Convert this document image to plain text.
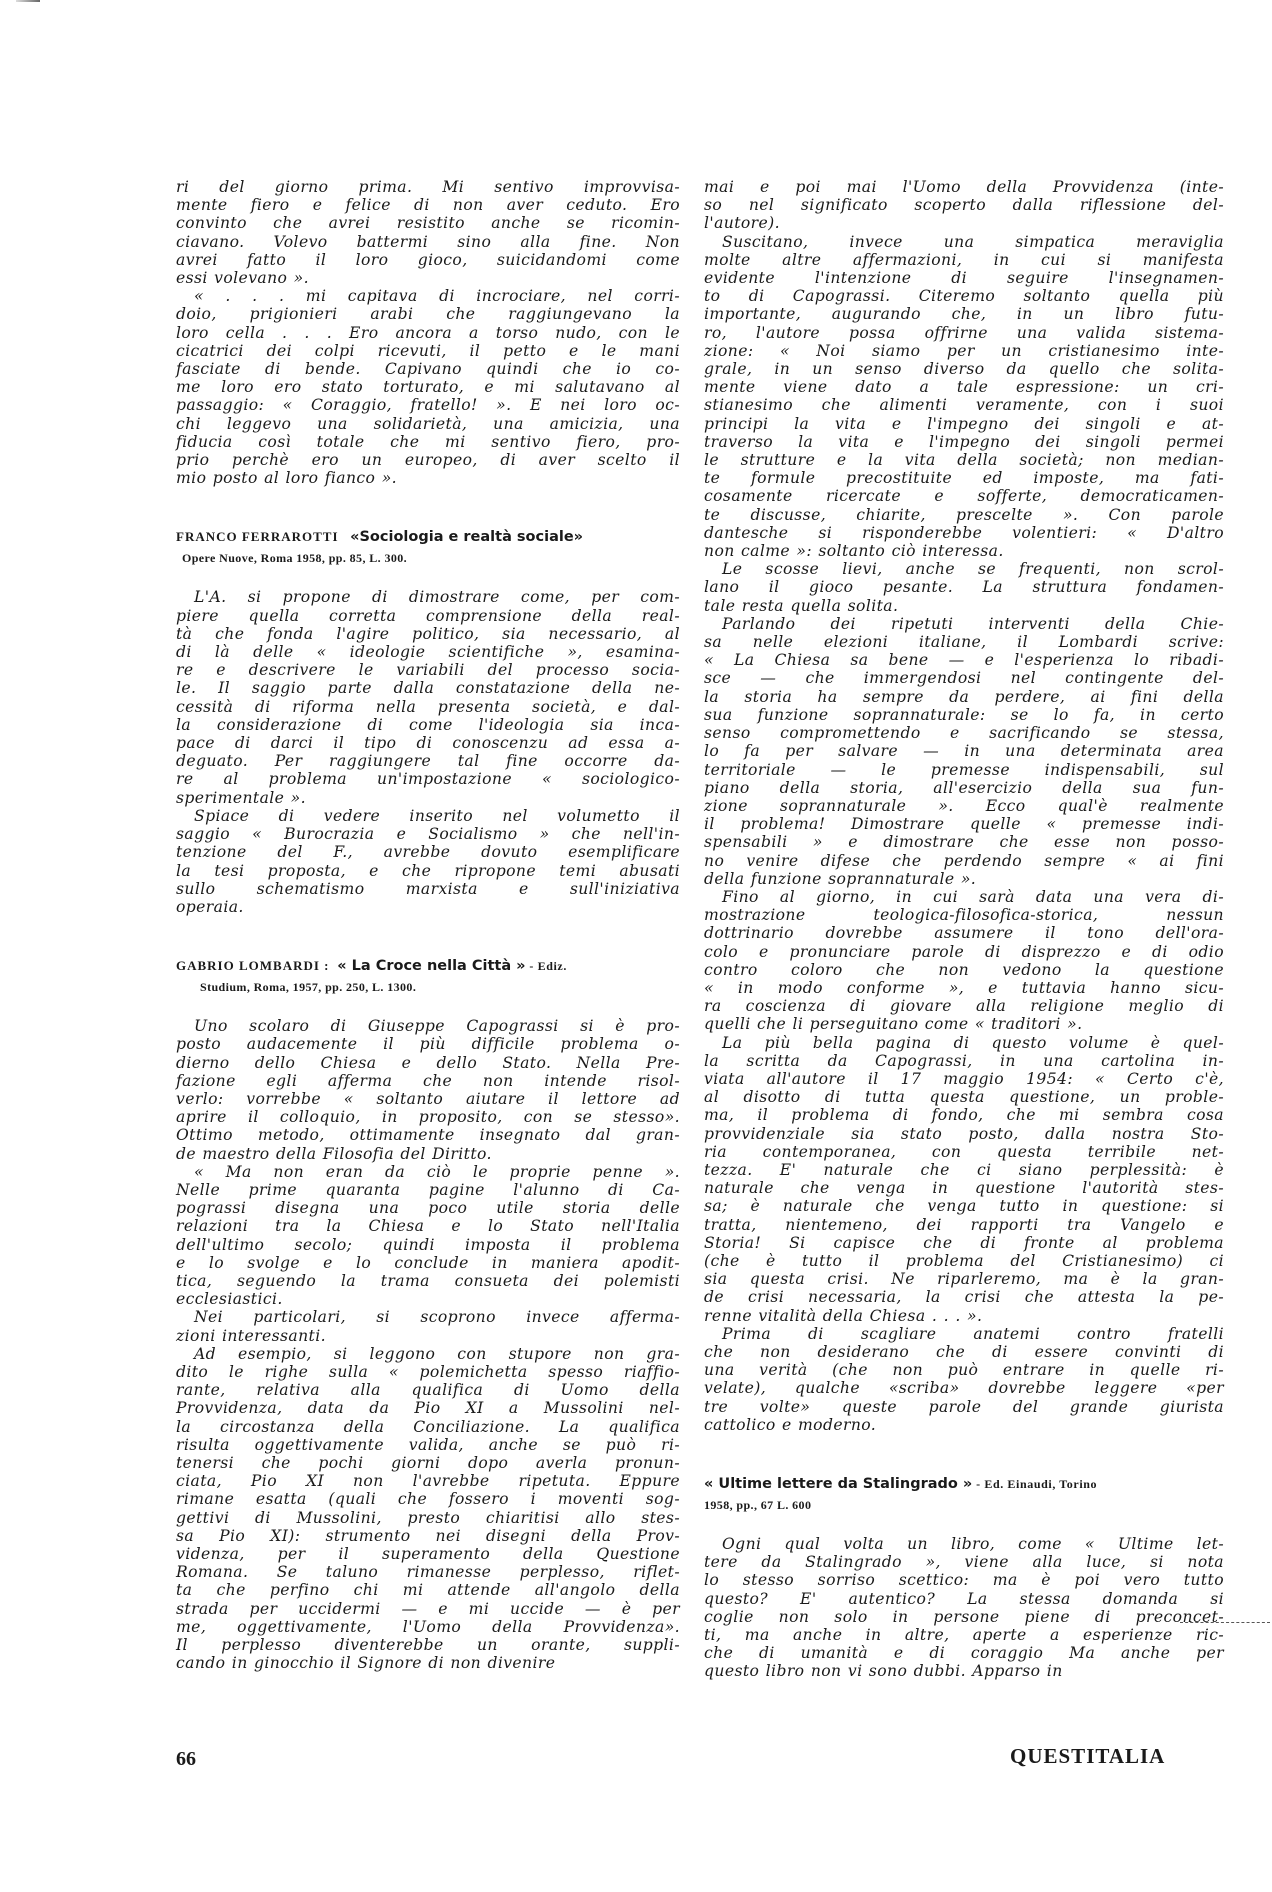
ri del giorno prima. Mi sentivo improvvisa-
mente fiero e felice di non aver ceduto. Ero
convinto che avrei resistito anche se ricomin-
ciavano. Volevo battermi sino alla fine. Non
avrei fatto il loro gioco, suicidandomi come
essi volevano ».
« . . . mi capitava di incrociare, nel corri-
doio, prigionieri arabi che raggiungevano la
loro cella . . . Ero ancora a torso nudo, con le
cicatrici dei colpi ricevuti, il petto e le mani
fasciate di bende. Capivano quindi che io co-
me loro ero stato torturato, e mi salutavano al
passaggio: « Coraggio, fratello! ». E nei loro oc-
chi leggevo una solidarietà, una amicizia, una
fiducia così totale che mi sentivo fiero, pro-
prio perchè ero un europeo, di aver scelto il
mio posto al loro fianco ».
FRANCO FERRAROTTI «Sociologia e realtà sociale»
Opere Nuove, Roma 1958, pp. 85, L. 300.
L'A. si propone di dimostrare come, per com-
piere quella corretta comprensione della real-
tà che fonda l'agire politico, sia necessario, al
di là delle « ideologie scientifiche », esamina-
re e descrivere le variabili del processo socia-
le. Il saggio parte dalla constatazione della ne-
cessità di riforma nella presenta società, e dal-
la considerazione di come l'ideologia sia inca-
pace di darci il tipo di conoscenzu ad essa a-
deguato. Per raggiungere tal fine occorre da-
re al problema un'impostazione « sociologico-
sperimentale ».
Spiace di vedere inserito nel volumetto il
saggio « Burocrazia e Socialismo » che nell'in-
tenzione del F., avrebbe dovuto esemplificare
la tesi proposta, e che ripropone temi abusati
sullo schematismo marxista e sull'iniziativa
operaia.
GABRIO LOMBARDI : « La Croce nella Città » - Ediz.
Studium, Roma, 1957, pp. 250, L. 1300.
Uno scolaro di Giuseppe Capograssi si è pro-
posto audacemente il più difficile problema o-
dierno dello Chiesa e dello Stato. Nella Pre-
fazione egli afferma che non intende risol-
verlo: vorrebbe « soltanto aiutare il lettore ad
aprire il colloquio, in proposito, con se stesso».
Ottimo metodo, ottimamente insegnato dal gran-
de maestro della Filosofia del Diritto.
« Ma non eran da ciò le proprie penne ».
Nelle prime quaranta pagine l'alunno di Ca-
pograssi disegna una poco utile storia delle
relazioni tra la Chiesa e lo Stato nell'Italia
dell'ultimo secolo; quindi imposta il problema
e lo svolge e lo conclude in maniera apodit-
tica, seguendo la trama consueta dei polemisti
ecclesiastici.
Nei particolari, si scoprono invece afferma-
zioni interessanti.
Ad esempio, si leggono con stupore non gra-
dito le righe sulla « polemichetta spesso riaffio-
rante, relativa alla qualifica di Uomo della
Provvidenza, data da Pio XI a Mussolini nel-
la circostanza della Conciliazione. La qualifica
risulta oggettivamente valida, anche se può ri-
tenersi che pochi giorni dopo averla pronun-
ciata, Pio XI non l'avrebbe ripetuta. Eppure
rimane esatta (quali che fossero i moventi sog-
gettivi di Mussolini, presto chiaritisi allo stes-
sa Pio XI): strumento nei disegni della Prov-
videnza, per il superamento della Questione
Romana. Se taluno rimanesse perplesso, riflet-
ta che perfino chi mi attende all'angolo della
strada per uccidermi — e mi uccide — è per
me, oggettivamente, l'Uomo della Provvidenza».
Il perplesso diventerebbe un orante, suppli-
cando in ginocchio il Signore di non divenire
mai e poi mai l'Uomo della Provvidenza (inte-
so nel significato scoperto dalla riflessione del-
l'autore).
Suscitano, invece una simpatica meraviglia
molte altre affermazioni, in cui si manifesta
evidente l'intenzione di seguire l'insegnamen-
to di Capograssi. Citeremo soltanto quella più
importante, augurando che, in un libro futu-
ro, l'autore possa offrirne una valida sistema-
zione: « Noi siamo per un cristianesimo inte-
grale, in un senso diverso da quello che solita-
mente viene dato a tale espressione: un cri-
stianesimo che alimenti veramente, con i suoi
principi la vita e l'impegno dei singoli e at-
traverso la vita e l'impegno dei singoli permei
le strutture e la vita della società; non median-
te formule precostituite ed imposte, ma fati-
cosamente ricercate e sofferte, democraticamen-
te discusse, chiarite, prescelte ». Con parole
dantesche si risponderebbe volentieri: « D'altro
non calme »: soltanto ciò interessa.
Le scosse lievi, anche se frequenti, non scrol-
lano il gioco pesante. La struttura fondamen-
tale resta quella solita.
Parlando dei ripetuti interventi della Chie-
sa nelle elezioni italiane, il Lombardi scrive:
« La Chiesa sa bene — e l'esperienza lo ribadi-
sce — che immergendosi nel contingente del-
la storia ha sempre da perdere, ai fini della
sua funzione soprannaturale: se lo fa, in certo
senso compromettendo e sacrificando se stessa,
lo fa per salvare — in una determinata area
territoriale — le premesse indispensabili, sul
piano della storia, all'esercizio della sua fun-
zione soprannaturale ». Ecco qual'è realmente
il problema! Dimostrare quelle « premesse indi-
spensabili » e dimostrare che esse non posso-
no venire difese che perdendo sempre « ai fini
della funzione soprannaturale ».
Fino al giorno, in cui sarà data una vera di-
mostrazione teologica-filosofica-storica, nessun
dottrinario dovrebbe assumere il tono dell'ora-
colo e pronunciare parole di disprezzo e di odio
contro coloro che non vedono la questione
« in modo conforme », e tuttavia hanno sicu-
ra coscienza di giovare alla religione meglio di
quelli che li perseguitano come « traditori ».
La più bella pagina di questo volume è quel-
la scritta da Capograssi, in una cartolina in-
viata all'autore il 17 maggio 1954: « Certo c'è,
al disotto di tutta questa questione, un proble-
ma, il problema di fondo, che mi sembra cosa
provvidenziale sia stato posto, dalla nostra Sto-
ria contemporanea, con questa terribile net-
tezza. E' naturale che ci siano perplessità: è
naturale che venga in questione l'autorità stes-
sa; è naturale che venga tutto in questione: si
tratta, nientemeno, dei rapporti tra Vangelo e
Storia! Si capisce che di fronte al problema
(che è tutto il problema del Cristianesimo) ci
sia questa crisi. Ne riparleremo, ma è la gran-
de crisi necessaria, la crisi che attesta la pe-
renne vitalità della Chiesa . . . ».
Prima di scagliare anatemi contro fratelli
che non desiderano che di essere convinti di
una verità (che non può entrare in quelle ri-
velate), qualche «scriba» dovrebbe leggere «per
tre volte» queste parole del grande giurista
cattolico e moderno.
« Ultime lettere da Stalingrado » - Ed. Einaudi, Torino
1958, pp., 67 L. 600
Ogni qual volta un libro, come « Ultime let-
tere da Stalingrado », viene alla luce, si nota
lo stesso sorriso scettico: ma è poi vero tutto
questo? E' autentico? La stessa domanda si
coglie non solo in persone piene di preconcet-
ti, ma anche in altre, aperte a esperienze ric-
che di umanità e di coraggio Ma anche per
questo libro non vi sono dubbi. Apparso in
66	QUESTITALIA
